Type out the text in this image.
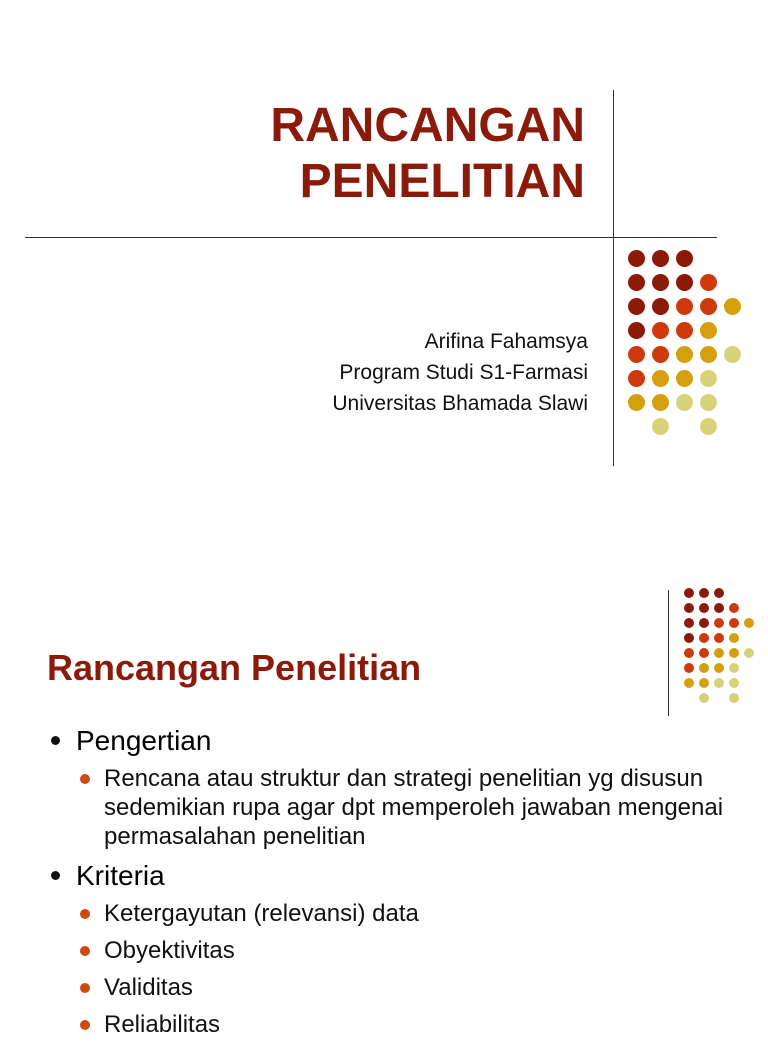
RANCANGAN
PENELITIAN
Arifina Fahamsya
Program Studi S1-Farmasi
Universitas Bhamada Slawi
Rancangan Penelitian
Pengertian
Rencana atau struktur dan strategi penelitian yg disusun sedemikian rupa agar dpt memperoleh jawaban mengenai permasalahan penelitian
Kriteria
Ketergayutan (relevansi) data
Obyektivitas
Validitas
Reliabilitas
